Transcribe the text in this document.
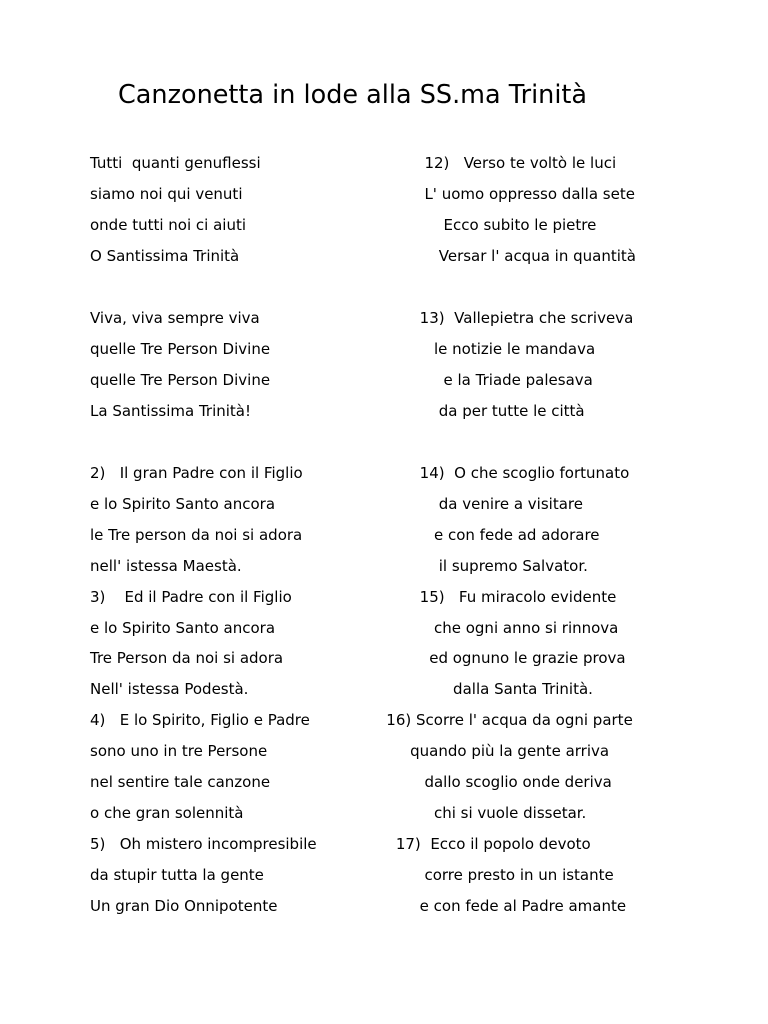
Canzonetta in lode alla SS.ma Trinità
Tutti  quanti genuflessi
siamo noi qui venuti
onde tutti noi ci aiuti
O Santissima Trinità
Viva, viva sempre viva
quelle Tre Person Divine
quelle Tre Person Divine
La Santissima Trinità!
2)   Il gran Padre con il Figlio
e lo Spirito Santo ancora
le Tre person da noi si adora
nell' istessa Maestà.
3)    Ed il Padre con il Figlio
e lo Spirito Santo ancora
Tre Person da noi si adora
Nell' istessa Podestà.
4)   E lo Spirito, Figlio e Padre
sono uno in tre Persone
nel sentire tale canzone
o che gran solennità
5)   Oh mistero incompresibile
da stupir tutta la gente
Un gran Dio Onnipotente
12)   Verso te voltò le luci
L' uomo oppresso dalla sete
Ecco subito le pietre
Versar l' acqua in quantità
13)  Vallepietra che scriveva
le notizie le mandava
e la Triade palesava
da per tutte le città
14)  O che scoglio fortunato
da venire a visitare
e con fede ad adorare
il supremo Salvator.
15)   Fu miracolo evidente
che ogni anno si rinnova
ed ognuno le grazie prova
dalla Santa Trinità.
16) Scorre l' acqua da ogni parte
quando più la gente arriva
dallo scoglio onde deriva
chi si vuole dissetar.
17)  Ecco il popolo devoto
corre presto in un istante
e con fede al Padre amante
